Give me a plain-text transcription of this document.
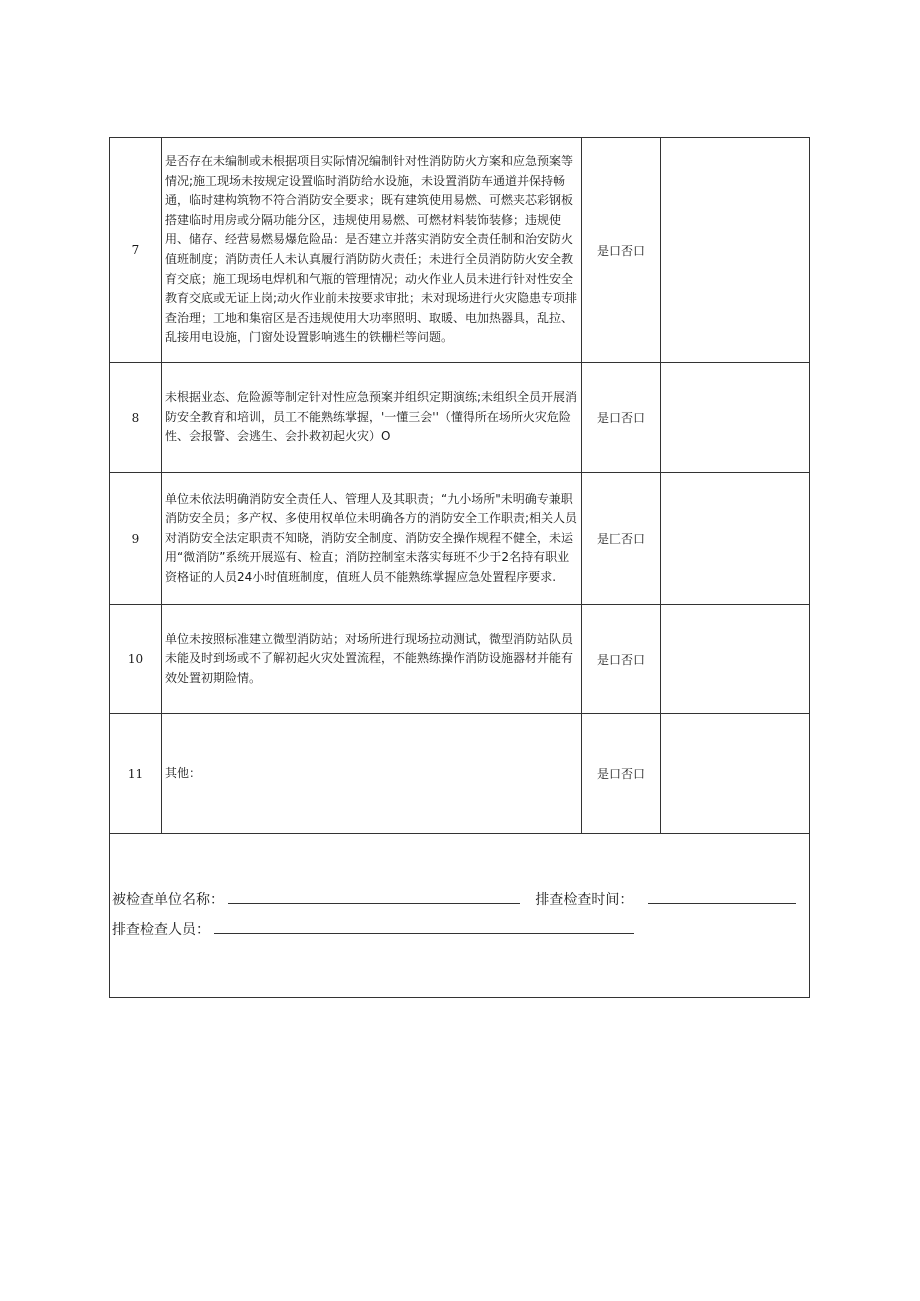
7	是否存在未编制或未根据项目实际情况编制针对性消防防火方案和应急预案等情况;施工现场未按规定设置临时消防给水设施，未设置消防车通道并保持畅通，临时建构筑物不符合消防安全要求；既有建筑使用易燃、可燃夹芯彩钢板搭建临时用房或分隔功能分区，违规使用易燃、可燃材料装饰装修；违规使用、储存、经营易燃易爆危险品：是否建立并落实消防安全责任制和治安防火值班制度；消防责任人未认真履行消防防火责任；未进行全员消防防火安全教育交底；施工现场电焊机和气瓶的管理情况；动火作业人员未进行针对性安全教育交底或无证上岗;动火作业前未按要求审批；未对现场进行火灾隐患专项排查治理；工地和集宿区是否违规使用大功率照明、取暖、电加热器具，乱拉、乱接用电设施，门窗处设置影响逃生的铁栅栏等问题。	是口否口	
8	未根据业态、危险源等制定针对性应急预案并组织定期演练;未组织全员开展消防安全教育和培训，员工不能熟练掌握，'一懂三会''（懂得所在场所火灾危险性、会报警、会逃生、会扑救初起火灾）O	是口否口	
9	单位未依法明确消防安全责任人、管理人及其职责；“九小场所"未明确专兼职消防安全员；多产权、多使用权单位未明确各方的消防安全工作职责;相关人员对消防安全法定职责不知晓，消防安全制度、消防安全操作规程不健全，未运用“微消防”系统开展巡有、检直；消防控制室未落实每班不少于2名持有职业资格证的人员24小时值班制度，值班人员不能熟练掌握应急处置程序要求.	是匚否口	
10	单位未按照标准建立微型消防站；对场所进行现场拉动测试，微型消防站队员未能及时到场或不了解初起火灾处置流程，不能熟练操作消防设施器材并能有效处置初期险情。	是口否口	
11	其他：	是口否口	
被检查单位名称：	排查检查时间：
排查检查人员：
